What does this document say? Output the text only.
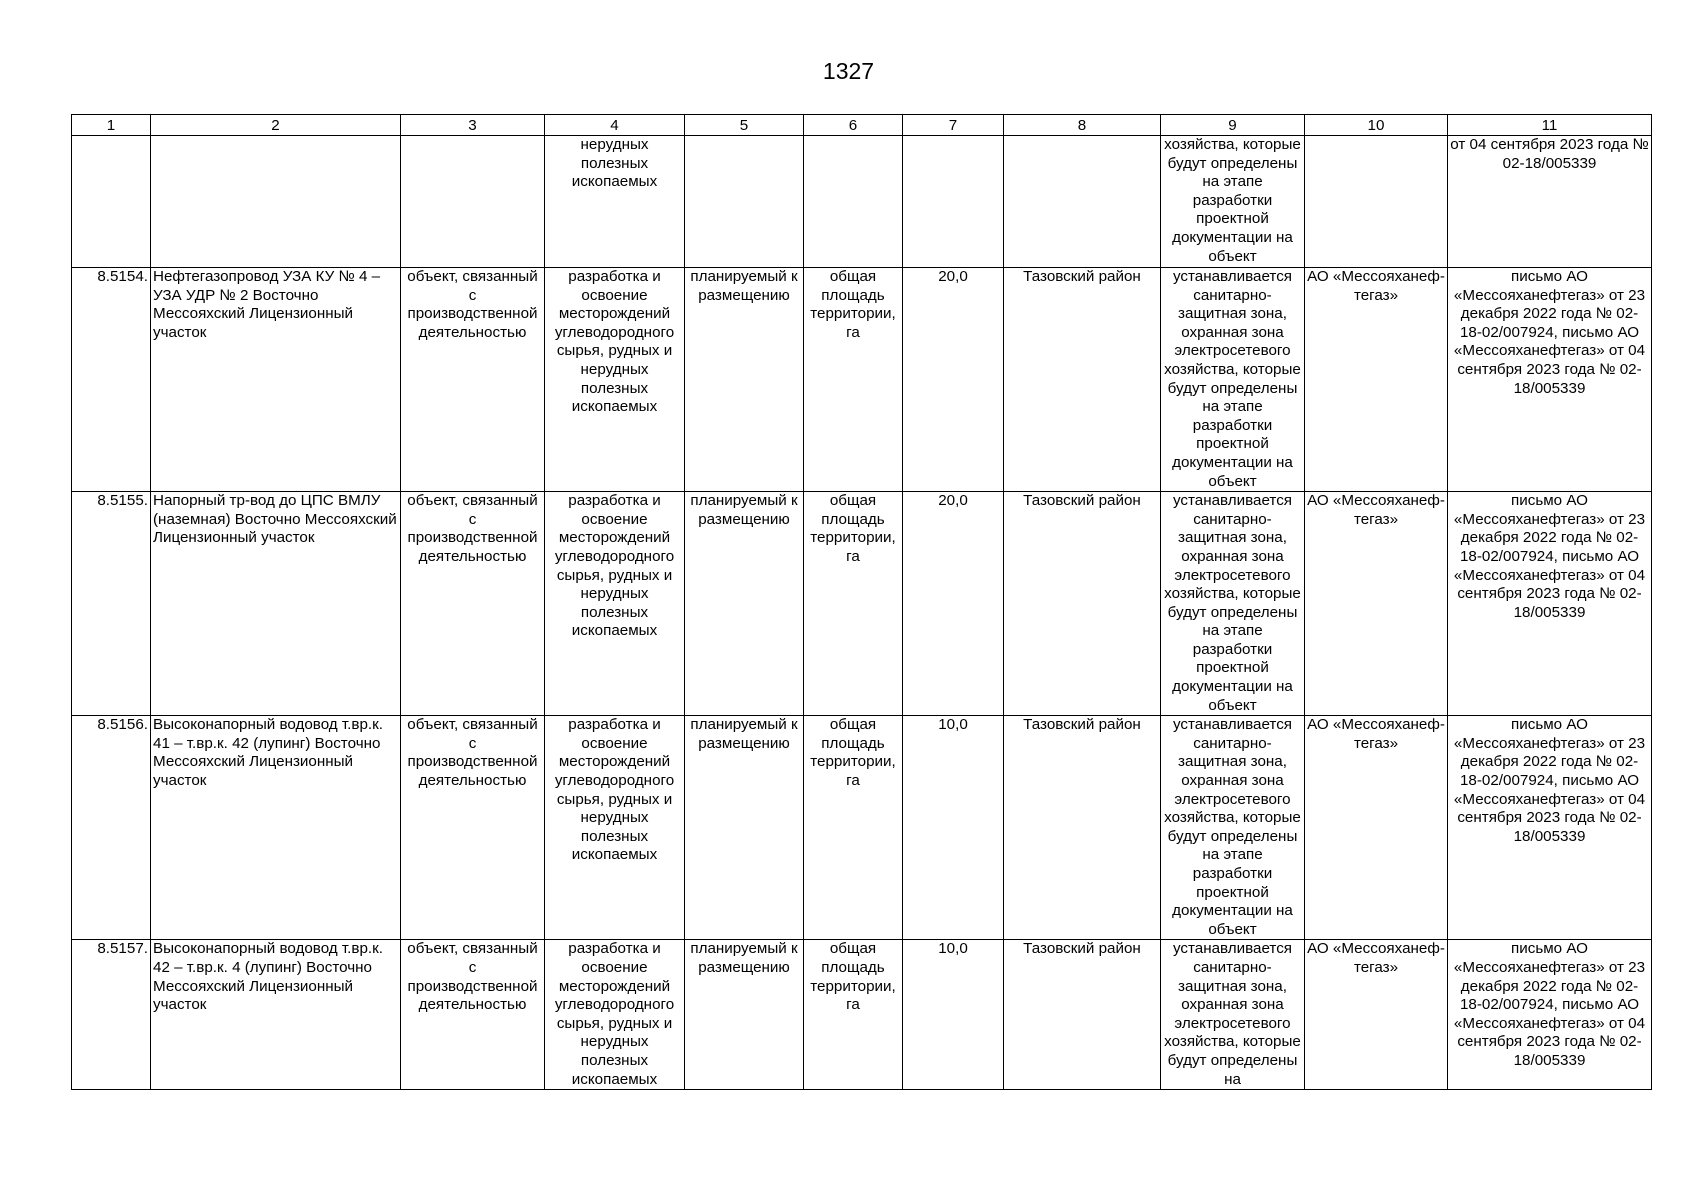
1327
1	2	3	4	5	6	7	8	9	10	11
			нерудных полезных ископаемых					хозяйства, которые будут определены на этапе разработки проектной документации на объект		от 04 сентября 2023 года № 02-18/005339
8.5154.	Нефтегазопровод УЗА КУ № 4 – УЗА УДР № 2 Восточно Мессояхский Лицензионный участок	объект, связанный с производственной деятельностью	разработка и освоение месторождений углеводородного сырья, рудных и нерудных полезных ископаемых	планируемый к размещению	общая площадь территории, га	20,0	Тазовский район	устанавливается санитарно-защитная зона, охранная зона электросетевого хозяйства, которые будут определены на этапе разработки проектной документации на объект	АО «Мессояханеф-тегаз»	письмо АО «Мессояханефтегаз» от 23 декабря 2022 года № 02-18-02/007924, письмо АО «Мессояханефтегаз» от 04 сентября 2023 года № 02-18/005339
8.5155.	Напорный тр-вод до ЦПС ВМЛУ (наземная) Восточно Мессояхский Лицензионный участок	объект, связанный с производственной деятельностью	разработка и освоение месторождений углеводородного сырья, рудных и нерудных полезных ископаемых	планируемый к размещению	общая площадь территории, га	20,0	Тазовский район	устанавливается санитарно-защитная зона, охранная зона электросетевого хозяйства, которые будут определены на этапе разработки проектной документации на объект	АО «Мессояханеф-тегаз»	письмо АО «Мессояханефтегаз» от 23 декабря 2022 года № 02-18-02/007924, письмо АО «Мессояханефтегаз» от 04 сентября 2023 года № 02-18/005339
8.5156.	Высоконапорный водовод т.вр.к. 41 – т.вр.к. 42 (лупинг) Восточно Мессояхский Лицензионный участок	объект, связанный с производственной деятельностью	разработка и освоение месторождений углеводородного сырья, рудных и нерудных полезных ископаемых	планируемый к размещению	общая площадь территории, га	10,0	Тазовский район	устанавливается санитарно-защитная зона, охранная зона электросетевого хозяйства, которые будут определены на этапе разработки проектной документации на объект	АО «Мессояханеф-тегаз»	письмо АО «Мессояханефтегаз» от 23 декабря 2022 года № 02-18-02/007924, письмо АО «Мессояханефтегаз» от 04 сентября 2023 года № 02-18/005339
8.5157.	Высоконапорный водовод т.вр.к. 42 – т.вр.к. 4 (лупинг) Восточно Мессояхский Лицензионный участок	объект, связанный с производственной деятельностью	разработка и освоение месторождений углеводородного сырья, рудных и нерудных полезных ископаемых	планируемый к размещению	общая площадь территории, га	10,0	Тазовский район	устанавливается санитарно-защитная зона, охранная зона электросетевого хозяйства, которые будут определены на	АО «Мессояханеф-тегаз»	письмо АО «Мессояханефтегаз» от 23 декабря 2022 года № 02-18-02/007924, письмо АО «Мессояханефтегаз» от 04 сентября 2023 года № 02-18/005339
